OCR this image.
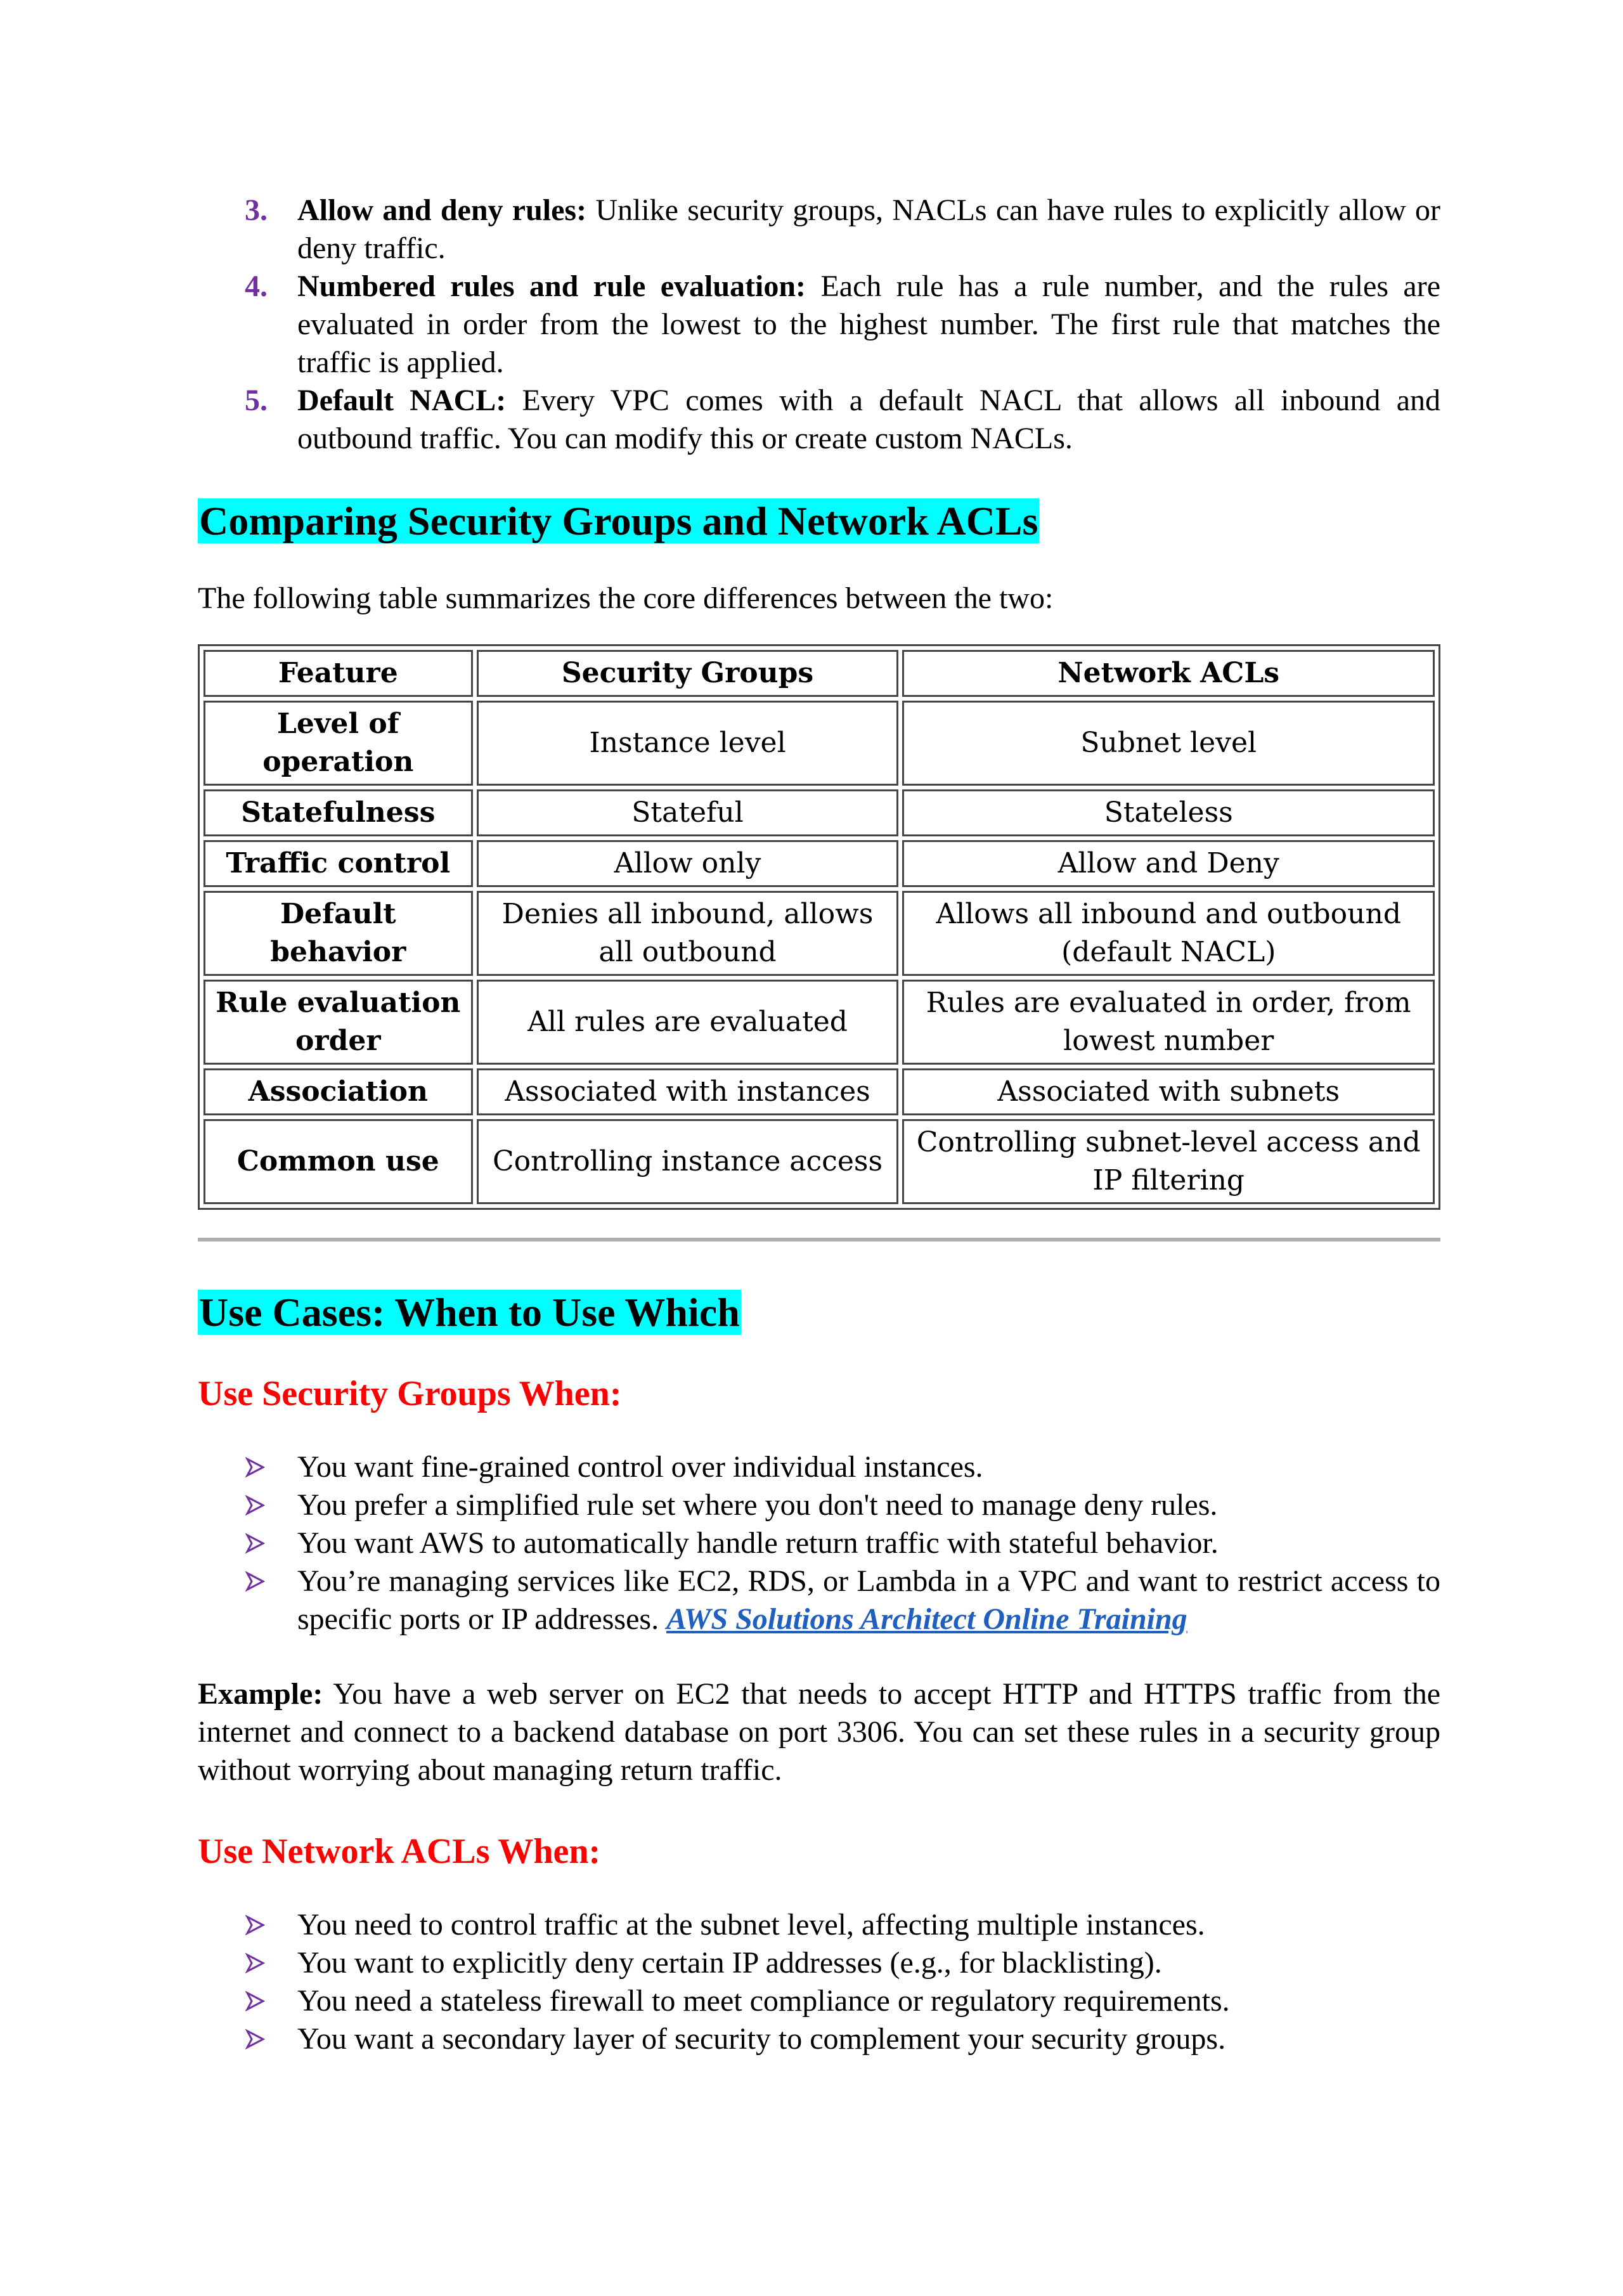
3. Allow and deny rules: Unlike security groups, NACLs can have rules to explicitly allow or deny traffic.
4. Numbered rules and rule evaluation: Each rule has a rule number, and the rules are evaluated in order from the lowest to the highest number. The first rule that matches the traffic is applied.
5. Default NACL: Every VPC comes with a default NACL that allows all inbound and outbound traffic. You can modify this or create custom NACLs.
Comparing Security Groups and Network ACLs

The following table summarizes the core differences between the two:

Feature	Security Groups	Network ACLs
Level of operation	Instance level	Subnet level
Statefulness	Stateful	Stateless
Traffic control	Allow only	Allow and Deny
Default behavior	Denies all inbound, allows all outbound	Allows all inbound and outbound (default NACL)
Rule evaluation order	All rules are evaluated	Rules are evaluated in order, from lowest number
Association	Associated with instances	Associated with subnets
Common use	Controlling instance access	Controlling subnet-level access and IP filtering
Use Cases: When to Use Which
Use Security Groups When:
You want fine-grained control over individual instances.
You prefer a simplified rule set where you don't need to manage deny rules.
You want AWS to automatically handle return traffic with stateful behavior.
You’re managing services like EC2, RDS, or Lambda in a VPC and want to restrict access to specific ports or IP addresses. AWS Solutions Architect Online Training

Example: You have a web server on EC2 that needs to accept HTTP and HTTPS traffic from the internet and connect to a backend database on port 3306. You can set these rules in a security group without worrying about managing return traffic.

Use Network ACLs When:
You need to control traffic at the subnet level, affecting multiple instances.
You want to explicitly deny certain IP addresses (e.g., for blacklisting).
You need a stateless firewall to meet compliance or regulatory requirements.
You want a secondary layer of security to complement your security groups.
